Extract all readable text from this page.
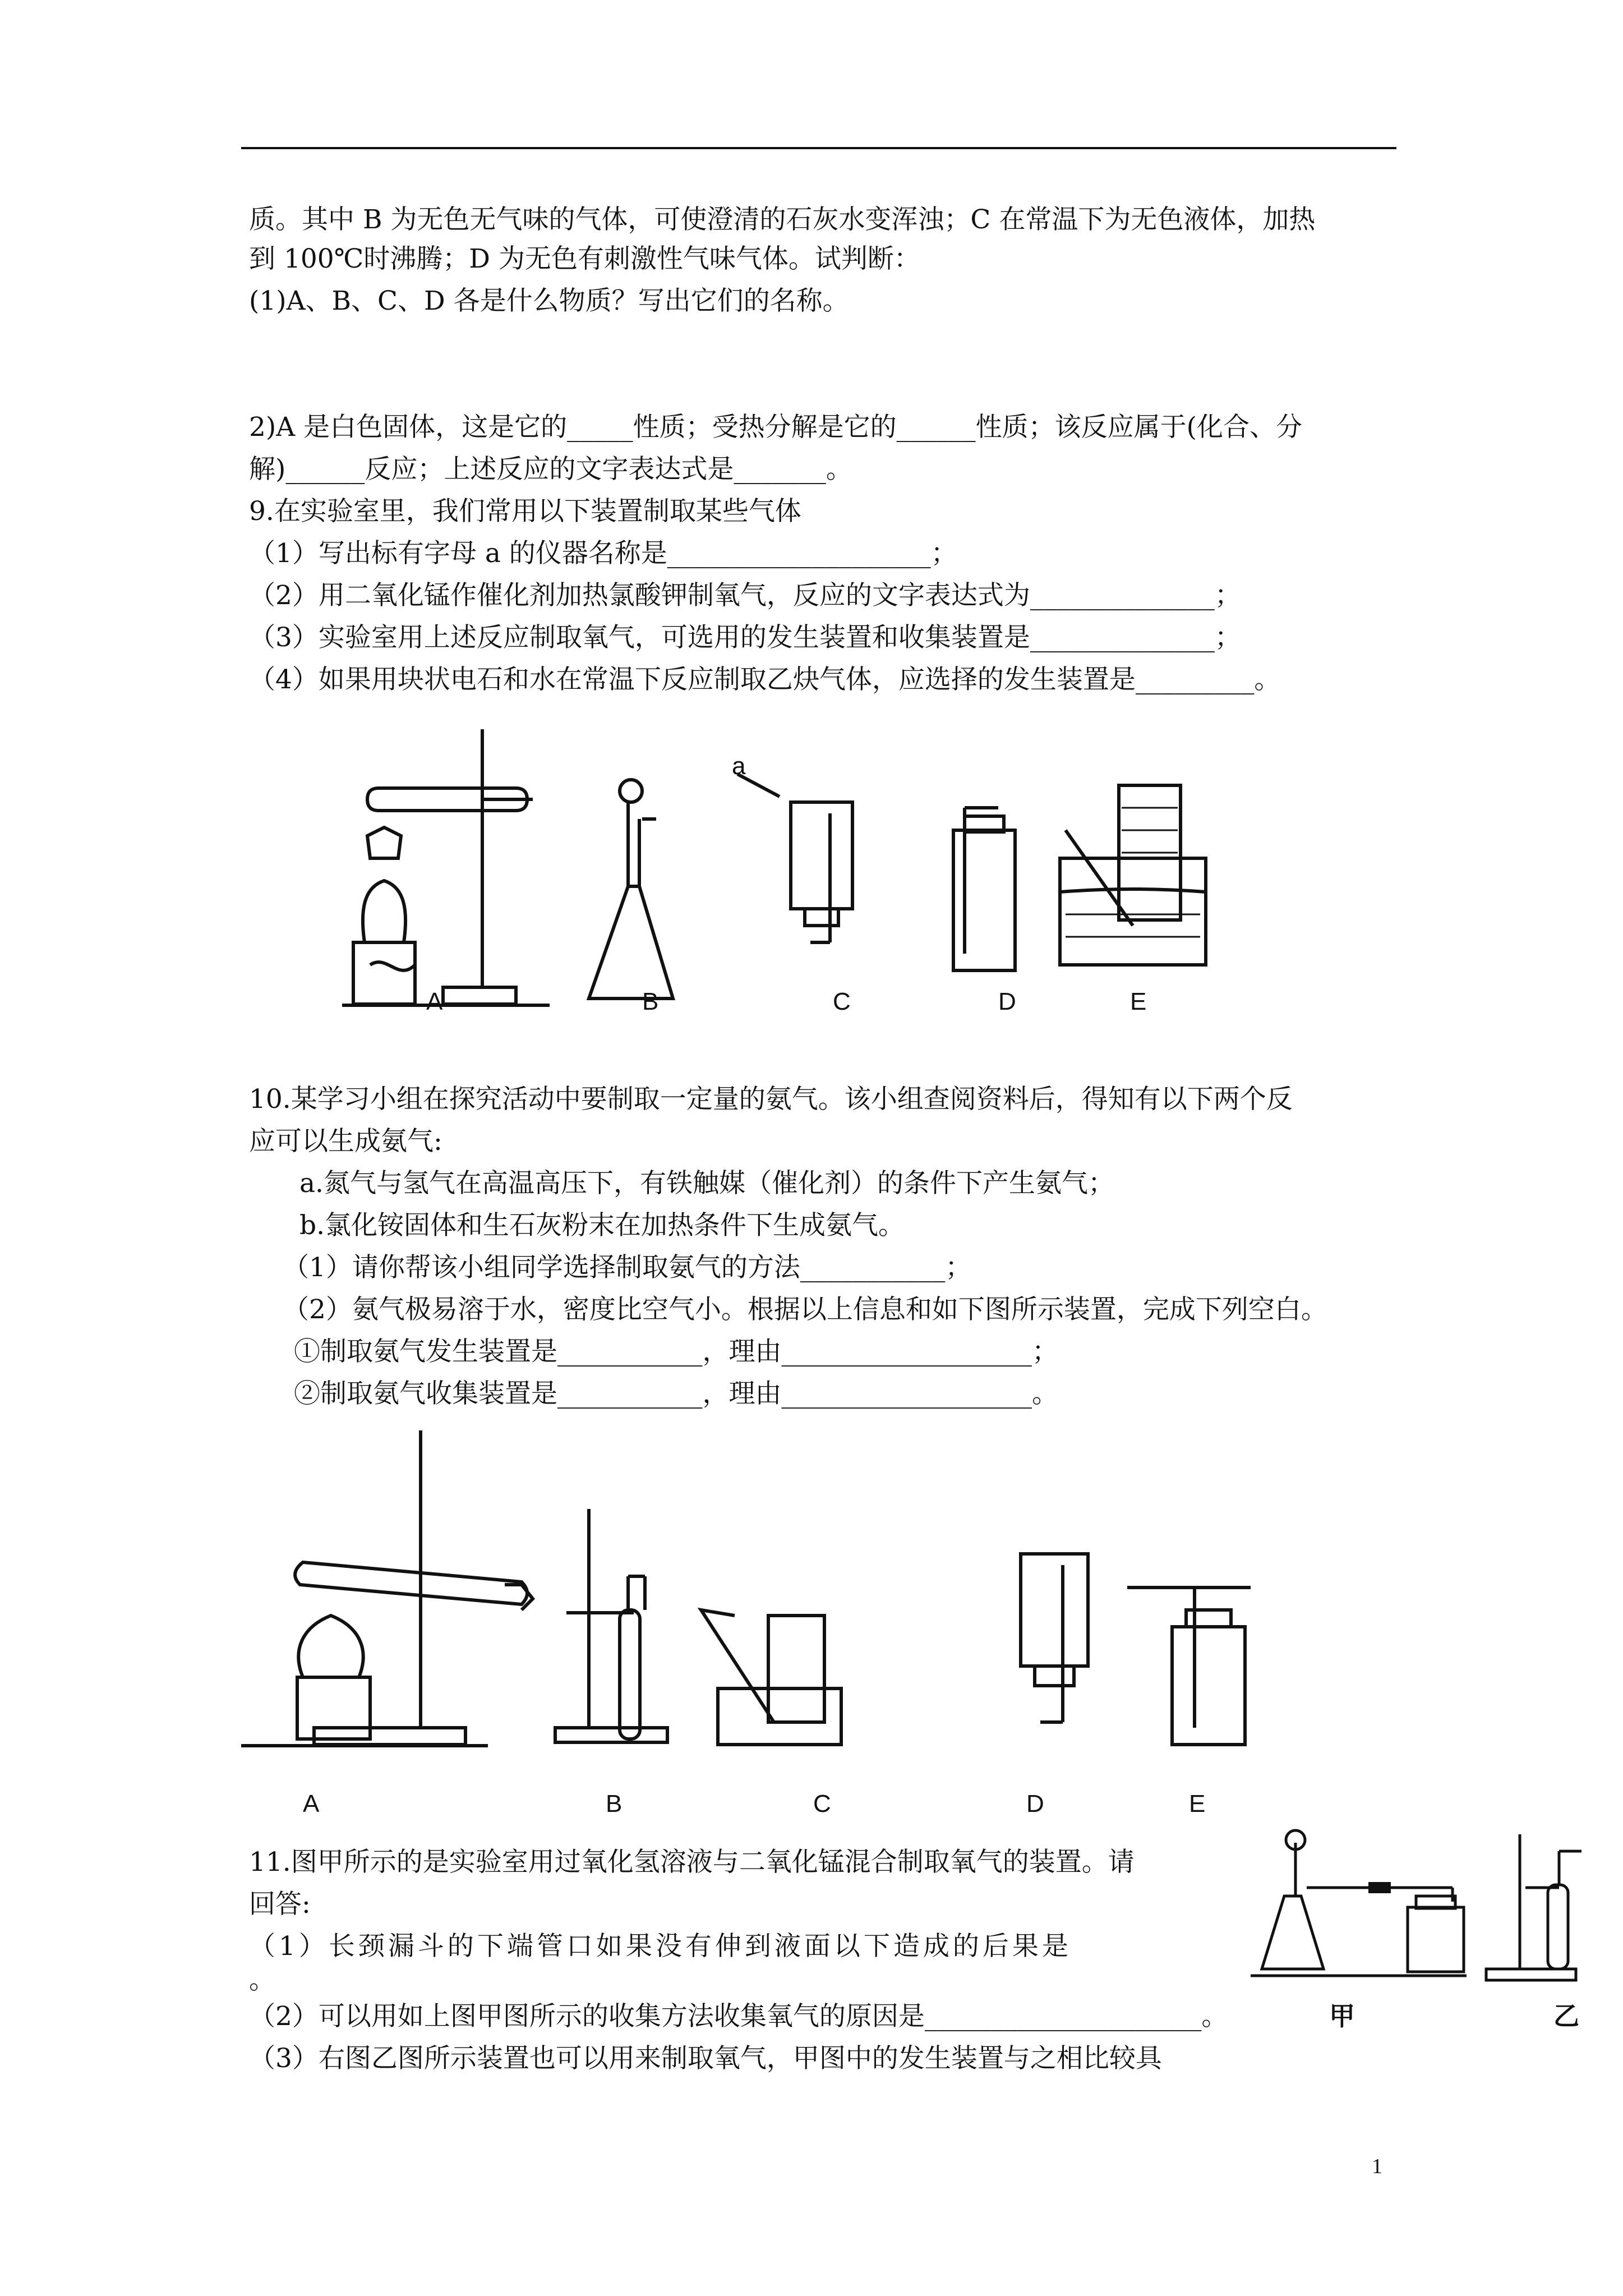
质。其中 B 为无色无气味的气体，可使澄清的石灰水变浑浊；C 在常温下为无色液体，加热
到 100℃时沸腾；D 为无色有刺激性气味气体。试判断：
(1)A、B、C、D 各是什么物质？写出它们的名称。
2)A 是白色固体，这是它的_____性质；受热分解是它的______性质；该反应属于(化合、分
解)______反应；上述反应的文字表达式是_______。
9.在实验室里，我们常用以下装置制取某些气体
（1）写出标有字母 a 的仪器名称是____________________；
（2）用二氧化锰作催化剂加热氯酸钾制氧气，反应的文字表达式为______________；
（3）实验室用上述反应制取氧气，可选用的发生装置和收集装置是______________；
（4）如果用块状电石和水在常温下反应制取乙炔气体，应选择的发生装置是_________。
A	B	C	D	E
a
10.某学习小组在探究活动中要制取一定量的氨气。该小组查阅资料后，得知有以下两个反
应可以生成氨气:
a.氮气与氢气在高温高压下，有铁触媒（催化剂）的条件下产生氨气；
b.氯化铵固体和生石灰粉末在加热条件下生成氨气。
（1）请你帮该小组同学选择制取氨气的方法___________；
（2）氨气极易溶于水，密度比空气小。根据以上信息和如下图所示装置，完成下列空白。
①制取氨气发生装置是___________，理由___________________；
②制取氨气收集装置是___________，理由___________________。
A	B	C	D	E
11.图甲所示的是实验室用过氧化氢溶液与二氧化锰混合制取氧气的装置。请
回答:
（1）长颈漏斗的下端管口如果没有伸到液面以下造成的后果是
。
（2）可以用如上图甲图所示的收集方法收集氧气的原因是_____________________。
（3）右图乙图所示装置也可以用来制取氧气，甲图中的发生装置与之相比较具
甲	乙
1
